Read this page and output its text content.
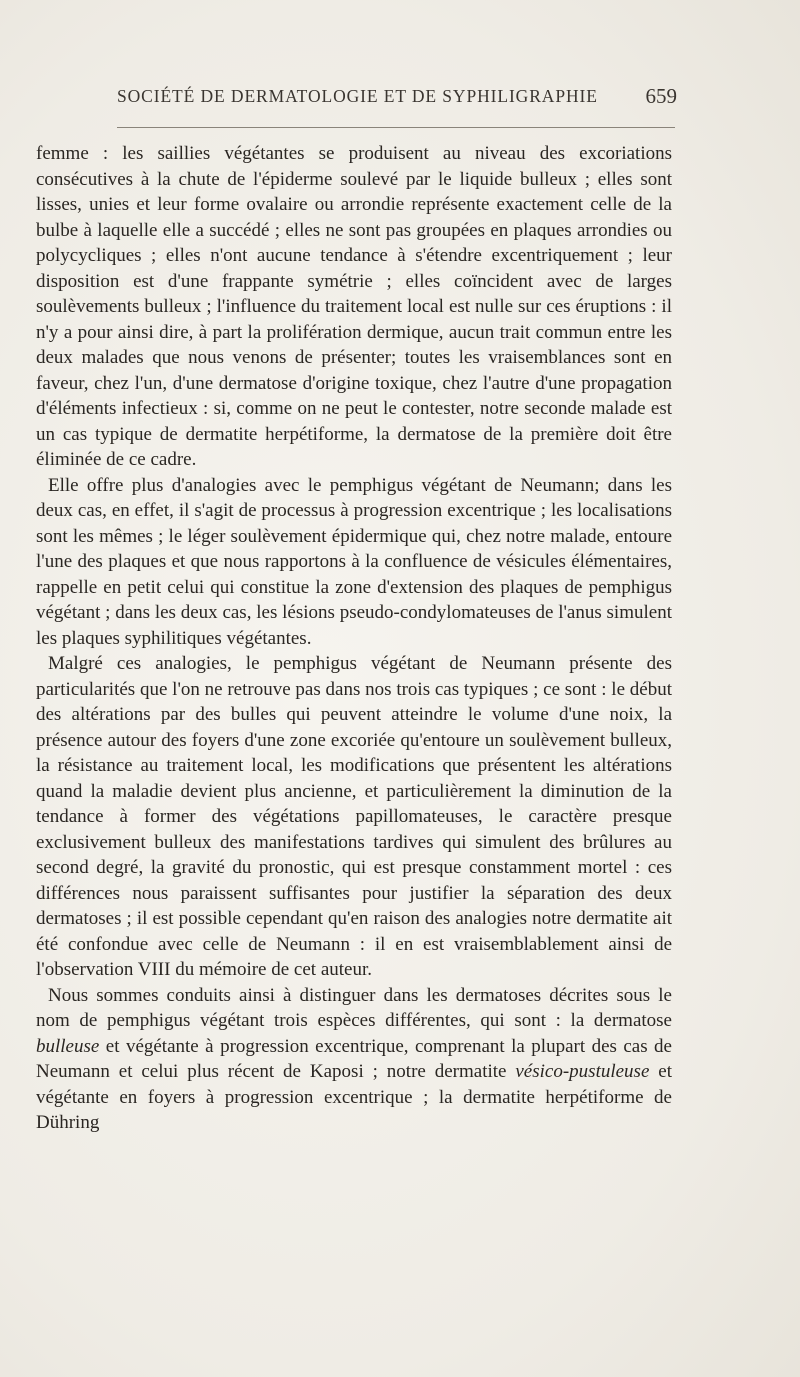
SOCIÉTÉ DE DERMATOLOGIE ET DE SYPHILIGRAPHIE 659

femme : les saillies végétantes se produisent au niveau des excoriations consécutives à la chute de l'épiderme soulevé par le liquide bulleux ; elles sont lisses, unies et leur forme ovalaire ou arrondie représente exactement celle de la bulbe à laquelle elle a succédé ; elles ne sont pas groupées en plaques arrondies ou polycycliques ; elles n'ont aucune tendance à s'étendre excentriquement ; leur disposition est d'une frappante symétrie ; elles coïncident avec de larges soulèvements bulleux ; l'influence du traitement local est nulle sur ces éruptions : il n'y a pour ainsi dire, à part la prolifération dermique, aucun trait commun entre les deux malades que nous venons de présenter; toutes les vraisemblances sont en faveur, chez l'un, d'une dermatose d'origine toxique, chez l'autre d'une propagation d'éléments infectieux : si, comme on ne peut le contester, notre seconde malade est un cas typique de dermatite herpétiforme, la dermatose de la première doit être éliminée de ce cadre.

Elle offre plus d'analogies avec le pemphigus végétant de Neumann; dans les deux cas, en effet, il s'agit de processus à progression excentrique ; les localisations sont les mêmes ; le léger soulèvement épidermique qui, chez notre malade, entoure l'une des plaques et que nous rapportons à la confluence de vésicules élémentaires, rappelle en petit celui qui constitue la zone d'extension des plaques de pemphigus végétant ; dans les deux cas, les lésions pseudo-condylomateuses de l'anus simulent les plaques syphilitiques végétantes.

Malgré ces analogies, le pemphigus végétant de Neumann présente des particularités que l'on ne retrouve pas dans nos trois cas typiques ; ce sont : le début des altérations par des bulles qui peuvent atteindre le volume d'une noix, la présence autour des foyers d'une zone excoriée qu'entoure un soulèvement bulleux, la résistance au traitement local, les modifications que présentent les altérations quand la maladie devient plus ancienne, et particulièrement la diminution de la tendance à former des végétations papillomateuses, le caractère presque exclusivement bulleux des manifestations tardives qui simulent des brûlures au second degré, la gravité du pronostic, qui est presque constamment mortel : ces différences nous paraissent suffisantes pour justifier la séparation des deux dermatoses ; il est possible cependant qu'en raison des analogies notre dermatite ait été confondue avec celle de Neumann : il en est vraisemblablement ainsi de l'observation VIII du mémoire de cet auteur.

Nous sommes conduits ainsi à distinguer dans les dermatoses décrites sous le nom de pemphigus végétant trois espèces différentes, qui sont : la dermatose bulleuse et végétante à progression excentrique, comprenant la plupart des cas de Neumann et celui plus récent de Kaposi ; notre dermatite vésico-pustuleuse et végétante en foyers à progression excentrique ; la dermatite herpétiforme de Dühring
